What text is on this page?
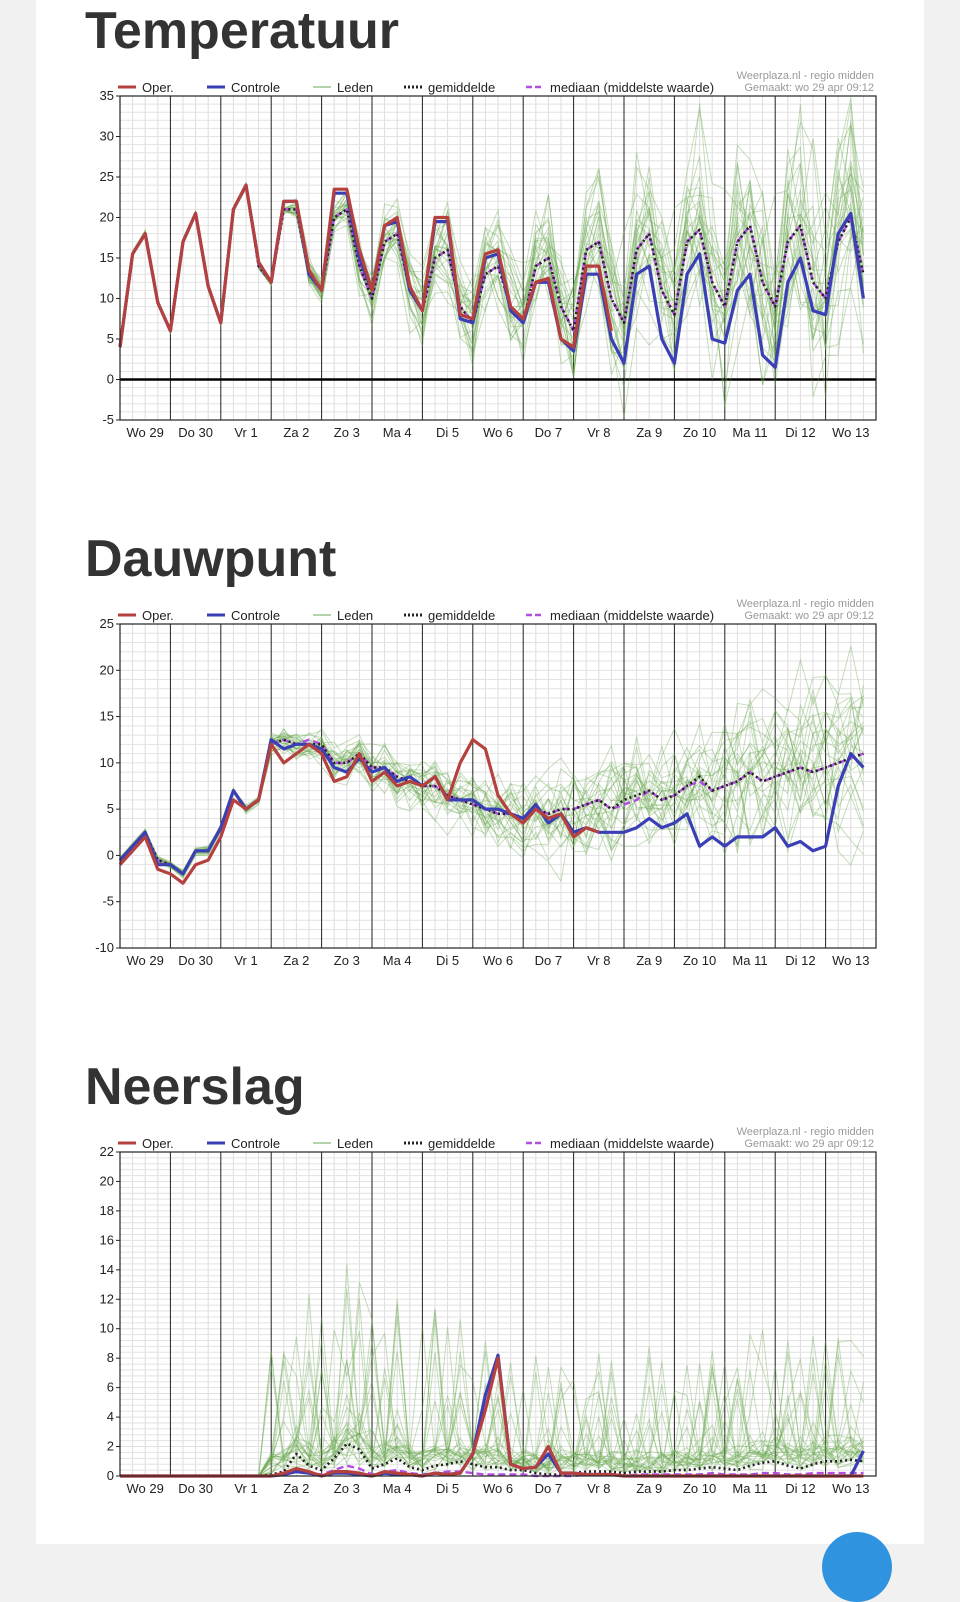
Temperatuur
-5
0
5
10
15
20
25
30
35
Wo 29 Do 30 Vr 1 Za 2 Zo 3 Ma 4 Di 5 Wo 6 Do 7 Vr 8 Za 9 Zo 10 Ma 11 Di 12 Wo 13
Oper.	Controle	Leden	gemiddelde	mediaan (middelste waarde)
Weerplaza.nl - regio midden
Gemaakt: wo 29 apr 09:12
Dauwpunt
-10
-5
0
5
10
15
20
25
Wo 29 Do 30 Vr 1 Za 2 Zo 3 Ma 4 Di 5 Wo 6 Do 7 Vr 8 Za 9 Zo 10 Ma 11 Di 12 Wo 13
Oper.	Controle	Leden	gemiddelde	mediaan (middelste waarde)
Weerplaza.nl - regio midden
Gemaakt: wo 29 apr 09:12
Neerslag
0
2
4
6
8
10
12
14
16
18
20
22
Wo 29 Do 30 Vr 1 Za 2 Zo 3 Ma 4 Di 5 Wo 6 Do 7 Vr 8 Za 9 Zo 10 Ma 11 Di 12 Wo 13
Oper.	Controle	Leden	gemiddelde	mediaan (middelste waarde)
Weerplaza.nl - regio midden
Gemaakt: wo 29 apr 09:12
